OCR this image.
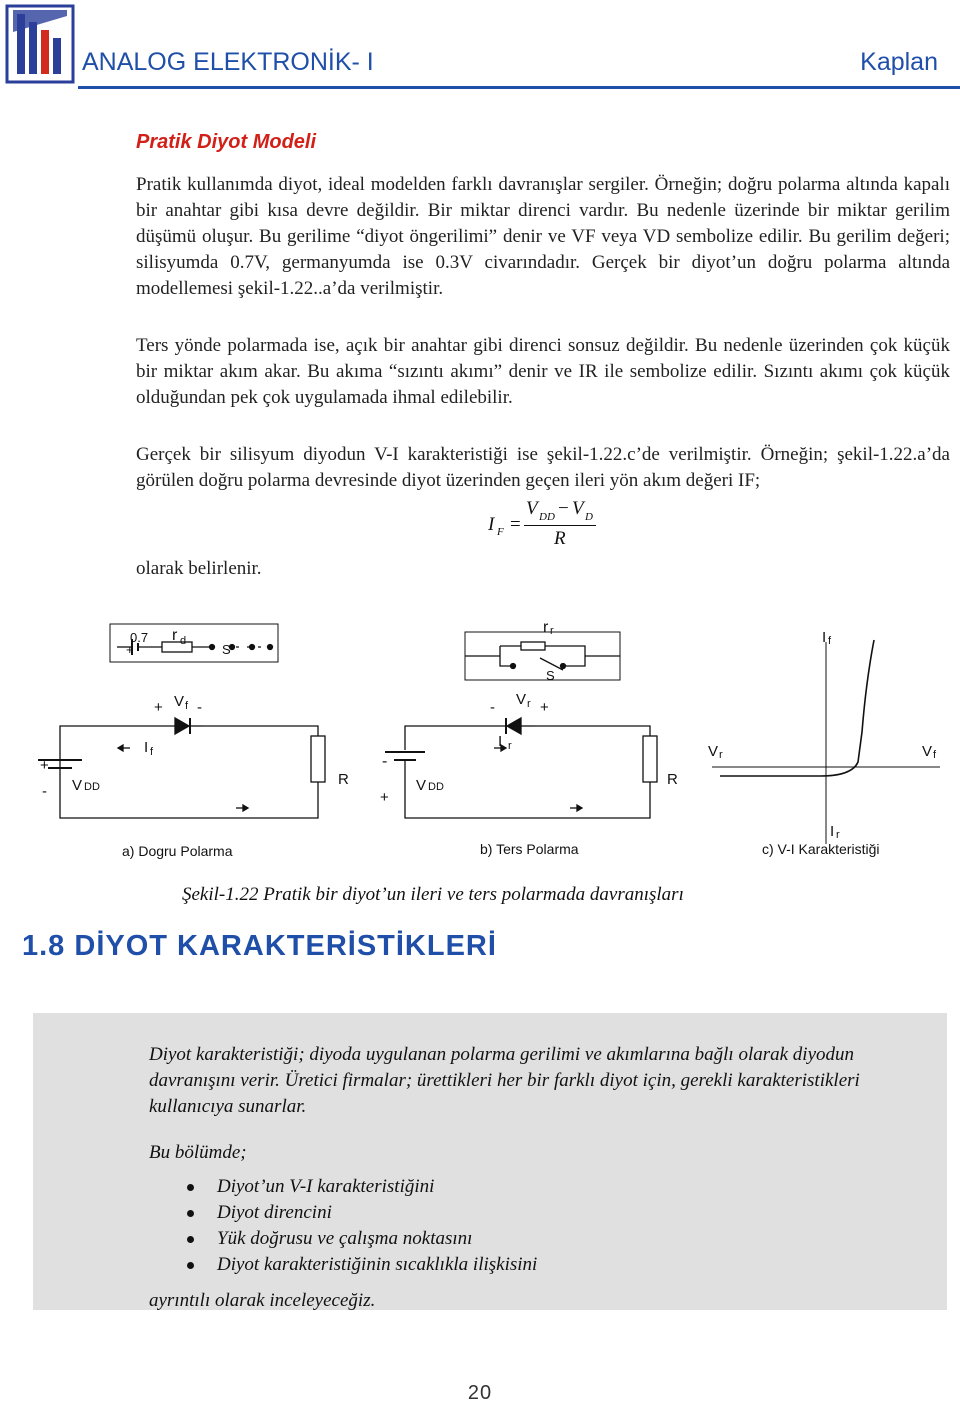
ANALOG ELEKTRONİK- I	Kaplan
Pratik Diyot Modeli

Pratik kullanımda diyot, ideal modelden farklı davranışlar sergiler. Örneğin; doğru polarma altında kapalı bir anahtar gibi kısa devre değildir. Bir miktar direnci vardır. Bu nedenle üzerinde bir miktar gerilim düşümü oluşur. Bu gerilime “diyot öngerilimi” denir ve VF veya VD sembolize edilir. Bu gerilim değeri; silisyumda 0.7V, germanyumda ise 0.3V civarındadır. Gerçek bir diyot’un doğru polarma altında modellemesi şekil-1.22..a’da verilmiştir.

Ters yönde polarmada ise, açık bir anahtar gibi direnci sonsuz değildir. Bu nedenle üzerinden çok küçük bir miktar akım akar. Bu akıma “sızıntı akımı” denir ve IR ile sembolize edilir. Sızıntı akımı çok küçük olduğundan pek çok uygulamada ihmal edilebilir.

Gerçek bir silisyum diyodun V-I karakteristiği ise şekil-1.22.c’de verilmiştir. Örneğin; şekil-1.22.a’da görülen doğru polarma devresinde diyot üzerinden geçen ileri yön akım değeri IF;

olarak belirlenir.

I F =
V DD − V D
R
0.7
+
r d
S
+ V f -
I f
+
- V DD	R
a) Dogru Polarma
r r
S
- V r +
I r
-
+
V DD	R
b) Ters Polarma
I f
V r	V f
I r
c) V-I Karakteristiği
Şekil-1.22 Pratik bir diyot’un ileri ve ters polarmada davranışları
1.8 DİYOT KARAKTERİSTİKLERİ

Diyot karakteristiği; diyoda uygulanan polarma gerilimi ve akımlarına bağlı olarak diyodun davranışını verir. Üretici firmalar; ürettikleri her bir farklı diyot için, gerekli karakteristikleri kullanıcıya sunarlar.

Bu bölümde;

Diyot’un V-I karakteristiğini
Diyot direncini
Yük doğrusu ve çalışma noktasını
Diyot karakteristiğinin sıcaklıkla ilişkisini

ayrıntılı olarak inceleyeceğiz.

20
